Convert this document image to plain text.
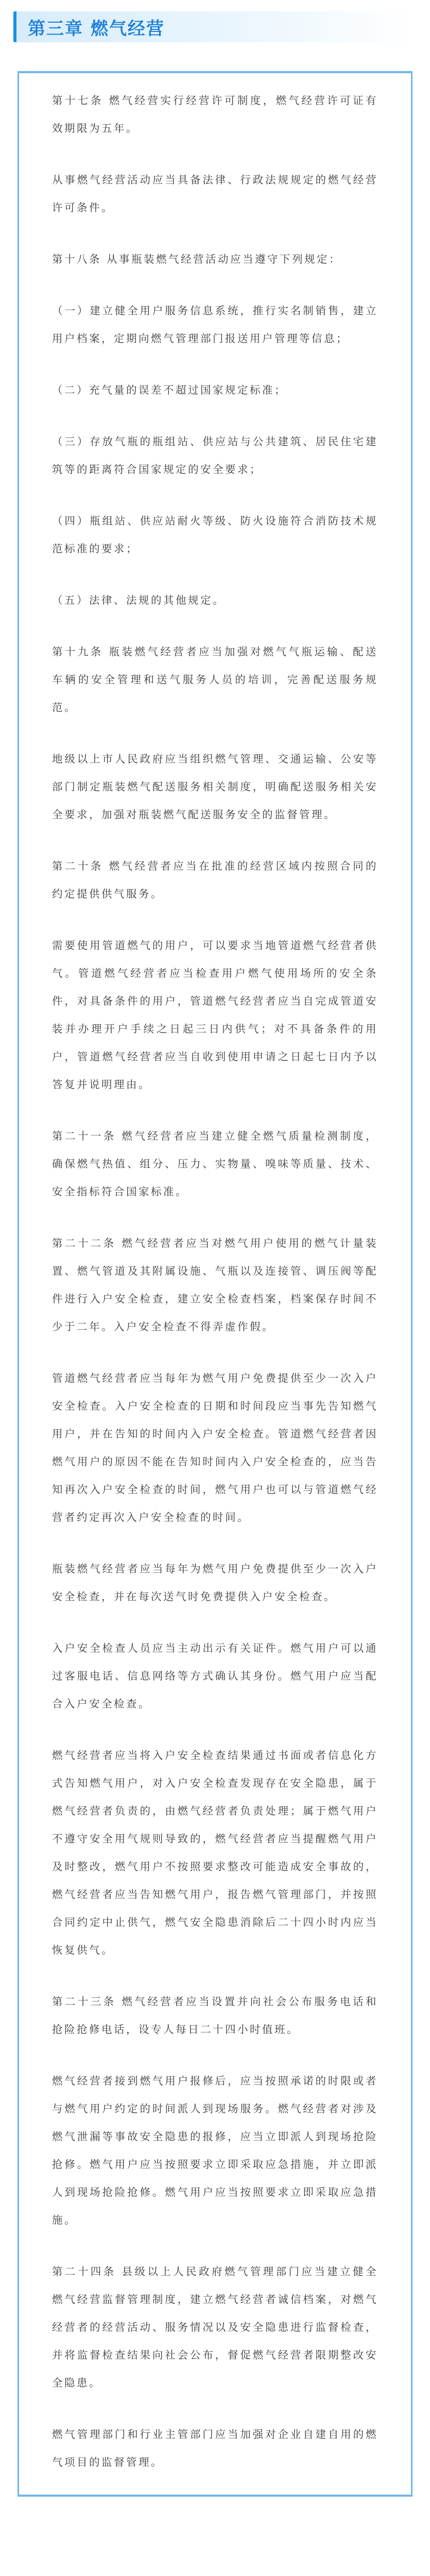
第三章 燃气经营

第十七条 燃气经营实行经营许可制度，燃气经营许可证有效期限为五年。

从事燃气经营活动应当具备法律、行政法规规定的燃气经营许可条件。

第十八条 从事瓶装燃气经营活动应当遵守下列规定：

（一）建立健全用户服务信息系统，推行实名制销售，建立用户档案，定期向燃气管理部门报送用户管理等信息；

（二）充气量的误差不超过国家规定标准；

（三）存放气瓶的瓶组站、供应站与公共建筑、居民住宅建筑等的距离符合国家规定的安全要求；

（四）瓶组站、供应站耐火等级、防火设施符合消防技术规范标准的要求；

（五）法律、法规的其他规定。

第十九条 瓶装燃气经营者应当加强对燃气气瓶运输、配送车辆的安全管理和送气服务人员的培训，完善配送服务规范。

地级以上市人民政府应当组织燃气管理、交通运输、公安等部门制定瓶装燃气配送服务相关制度，明确配送服务相关安全要求，加强对瓶装燃气配送服务安全的监督管理。

第二十条 燃气经营者应当在批准的经营区域内按照合同的约定提供供气服务。

需要使用管道燃气的用户，可以要求当地管道燃气经营者供气。管道燃气经营者应当检查用户燃气使用场所的安全条件，对具备条件的用户，管道燃气经营者应当自完成管道安装并办理开户手续之日起三日内供气；对不具备条件的用户，管道燃气经营者应当自收到使用申请之日起七日内予以答复并说明理由。

第二十一条 燃气经营者应当建立健全燃气质量检测制度，确保燃气热值、组分、压力、实物量、嗅味等质量、技术、安全指标符合国家标准。

第二十二条 燃气经营者应当对燃气用户使用的燃气计量装置、燃气管道及其附属设施、气瓶以及连接管、调压阀等配件进行入户安全检查，建立安全检查档案，档案保存时间不少于二年。入户安全检查不得弄虚作假。

管道燃气经营者应当每年为燃气用户免费提供至少一次入户安全检查。入户安全检查的日期和时间段应当事先告知燃气用户，并在告知的时间内入户安全检查。管道燃气经营者因燃气用户的原因不能在告知时间内入户安全检查的，应当告知再次入户安全检查的时间，燃气用户也可以与管道燃气经营者约定再次入户安全检查的时间。

瓶装燃气经营者应当每年为燃气用户免费提供至少一次入户安全检查，并在每次送气时免费提供入户安全检查。

入户安全检查人员应当主动出示有关证件。燃气用户可以通过客服电话、信息网络等方式确认其身份。燃气用户应当配合入户安全检查。

燃气经营者应当将入户安全检查结果通过书面或者信息化方式告知燃气用户，对入户安全检查发现存在安全隐患，属于燃气经营者负责的，由燃气经营者负责处理；属于燃气用户不遵守安全用气规则导致的，燃气经营者应当提醒燃气用户及时整改，燃气用户不按照要求整改可能造成安全事故的，燃气经营者应当告知燃气用户，报告燃气管理部门，并按照合同约定中止供气，燃气安全隐患消除后二十四小时内应当恢复供气。

第二十三条 燃气经营者应当设置并向社会公布服务电话和抢险抢修电话，设专人每日二十四小时值班。

燃气经营者接到燃气用户报修后，应当按照承诺的时限或者与燃气用户约定的时间派人到现场服务。燃气经营者对涉及燃气泄漏等事故安全隐患的报修，应当立即派人到现场抢险抢修。燃气用户应当按照要求立即采取应急措施，并立即派人到现场抢险抢修。燃气用户应当按照要求立即采取应急措施。

第二十四条 县级以上人民政府燃气管理部门应当建立健全燃气经营监督管理制度，建立燃气经营者诚信档案，对燃气经营者的经营活动、服务情况以及安全隐患进行监督检查，并将监督检查结果向社会公布，督促燃气经营者限期整改安全隐患。

燃气管理部门和行业主管部门应当加强对企业自建自用的燃气项目的监督管理。
